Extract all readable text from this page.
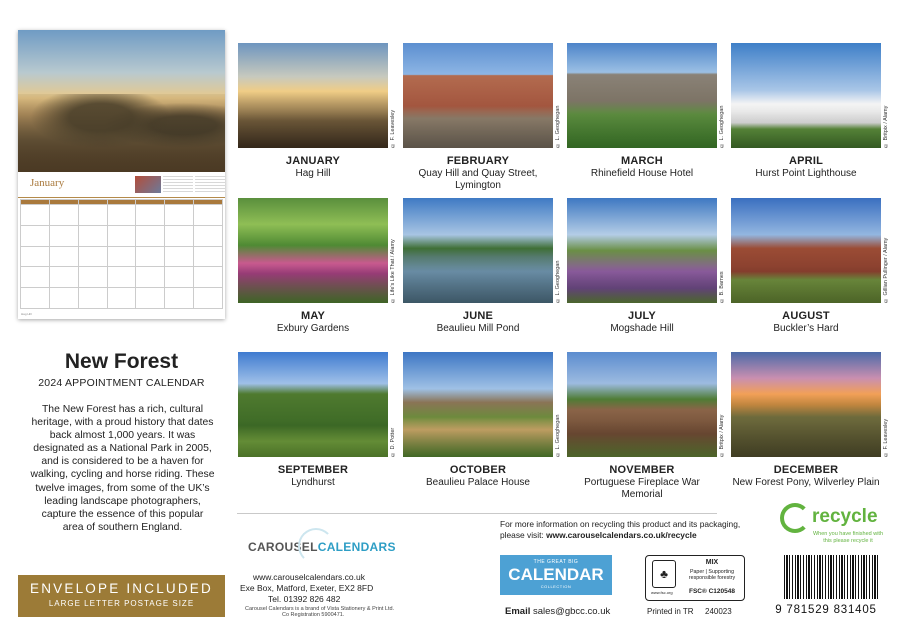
January
Hag Hill
New Forest
2024 APPOINTMENT CALENDAR
The New Forest has a rich, cultural heritage, with a proud history that dates back almost 1,000 years. It was designated as a National Park in 2005, and is considered to be a haven for walking, cycling and horse riding. These twelve images, from some of the UK’s leading landscape photographers, capture the essence of this popular area of southern England.
ENVELOPE INCLUDED
LARGE LETTER POSTAGE SIZE
© F. Leavesley
JANUARY
Hag Hill
© L. Geoghegan
FEBRUARY
Quay Hill and Quay Street, Lymington
© L. Geoghegan
MARCH
Rhinefield House Hotel
© Britpix / Alamy
APRIL
Hurst Point Lighthouse
© Life's Like That / Alamy
MAY
Exbury Gardens
© L. Geoghegan
JUNE
Beaulieu Mill Pond
© B. Barnes
JULY
Mogshade Hill
© Gillian Pullinger / Alamy
AUGUST
Buckler’s Hard
© D. Potter
SEPTEMBER
Lyndhurst
© L. Geoghegan
OCTOBER
Beaulieu Palace House
© Britpix / Alamy
NOVEMBER
Portuguese Fireplace War Memorial
© F. Leavesley
DECEMBER
New Forest Pony, Wilverley Plain
CAROUSELCALENDARS
www.carouselcalendars.co.uk
Exe Box, Matford, Exeter, EX2 8FD
Tel. 01392 826 482
Carousel Calendars is a brand of Vista Stationery & Print Ltd.
Co Registration 5900471.
For more information on recycling this product and its packaging,
please visit: www.carouselcalendars.co.uk/recycle
recycle
When you have finished with this please recycle it
THE GREAT BIG
CALENDAR
COLLECTION
♣
www.fsc.org
MIX
Paper | Supporting responsible forestry
FSC® C120548
Email sales@gbcc.co.uk	Printed in TR 240023	9 781529 831405
